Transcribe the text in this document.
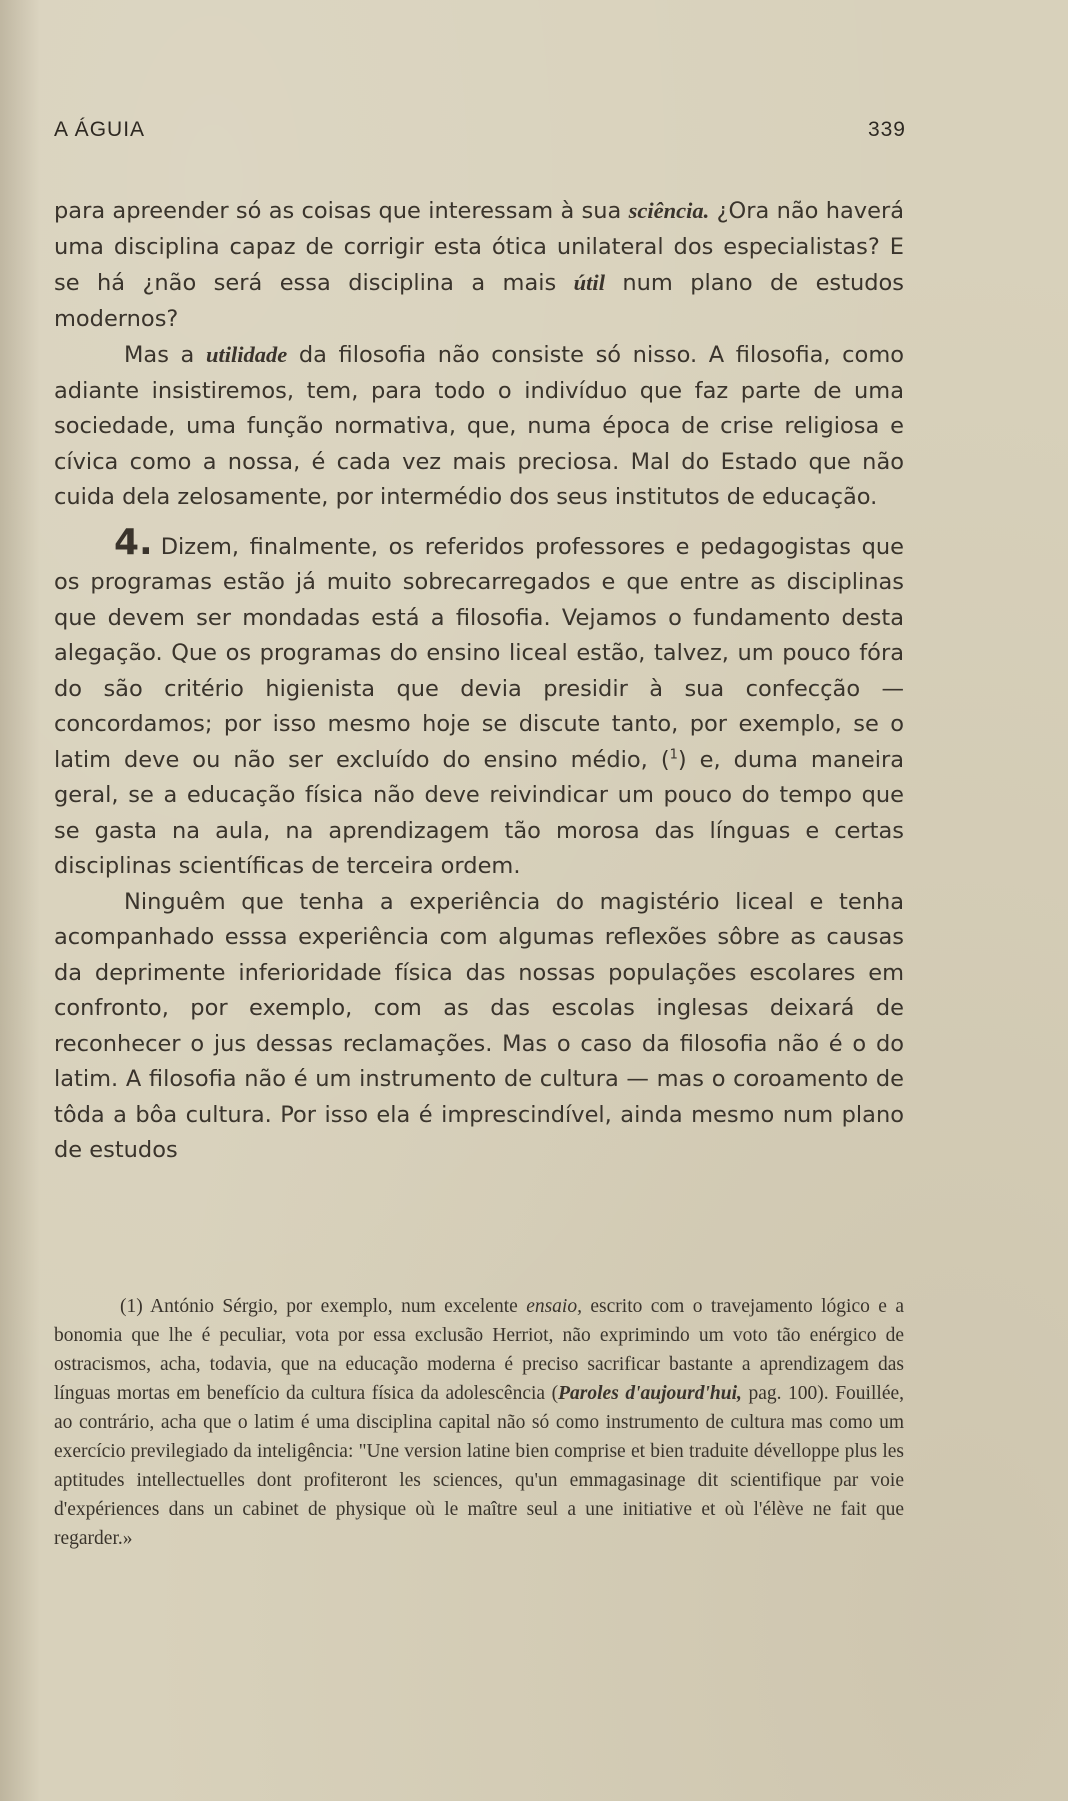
A ÁGUIA	339

para apreender só as coisas que interessam à sua sciência. ¿Ora não haverá uma disciplina capaz de corrigir esta ótica unilateral dos especialistas? E se há ¿não será essa disciplina a mais útil num plano de estudos modernos?

Mas a utilidade da filosofia não consiste só nisso. A filosofia, como adiante insistiremos, tem, para todo o indivíduo que faz parte de uma sociedade, uma função normativa, que, numa época de crise religiosa e cívica como a nossa, é cada vez mais preciosa. Mal do Estado que não cuida dela zelosamente, por intermédio dos seus institutos de educação.

4. Dizem, finalmente, os referidos professores e pedagogistas que os programas estão já muito sobrecarregados e que entre as disciplinas que devem ser mondadas está a filosofia. Vejamos o fundamento desta alegação. Que os programas do ensino liceal estão, talvez, um pouco fóra do são critério higienista que devia presidir à sua confecção — concordamos; por isso mesmo hoje se discute tanto, por exemplo, se o latim deve ou não ser excluído do ensino médio, ($^1$) e, duma maneira geral, se a educação física não deve reivindicar um pouco do tempo que se gasta na aula, na aprendizagem tão morosa das línguas e certas disciplinas scientíficas de terceira ordem.

Ninguêm que tenha a experiência do magistério liceal e tenha acompanhado esssa experiência com algumas reflexões sôbre as causas da deprimente inferioridade física das nossas populações escolares em confronto, por exemplo, com as das escolas inglesas deixará de reconhecer o jus dessas reclamações. Mas o caso da filosofia não é o do latim. A filosofia não é um instrumento de cultura — mas o coroamento de tôda a bôa cultura. Por isso ela é imprescindível, ainda mesmo num plano de estudos

(1) António Sérgio, por exemplo, num excelente ensaio, escrito com o travejamento lógico e a bonomia que lhe é peculiar, vota por essa exclusão Herriot, não exprimindo um voto tão enérgico de ostracismos, acha, todavia, que na educação moderna é preciso sacrificar bastante a aprendizagem das línguas mortas em benefício da cultura física da adolescência (Paroles d'aujourd'hui, pag. 100). Fouillée, ao contrário, acha que o latim é uma disciplina capital não só como instrumento de cultura mas como um exercício previlegiado da inteligência: "Une version latine bien comprise et bien traduite dévelloppe plus les aptitudes intellectuelles dont profiteront les sciences, qu'un emmagasinage dit scientifique par voie d'expériences dans un cabinet de physique où le maître seul a une initiative et où l'élève ne fait que regarder.»
